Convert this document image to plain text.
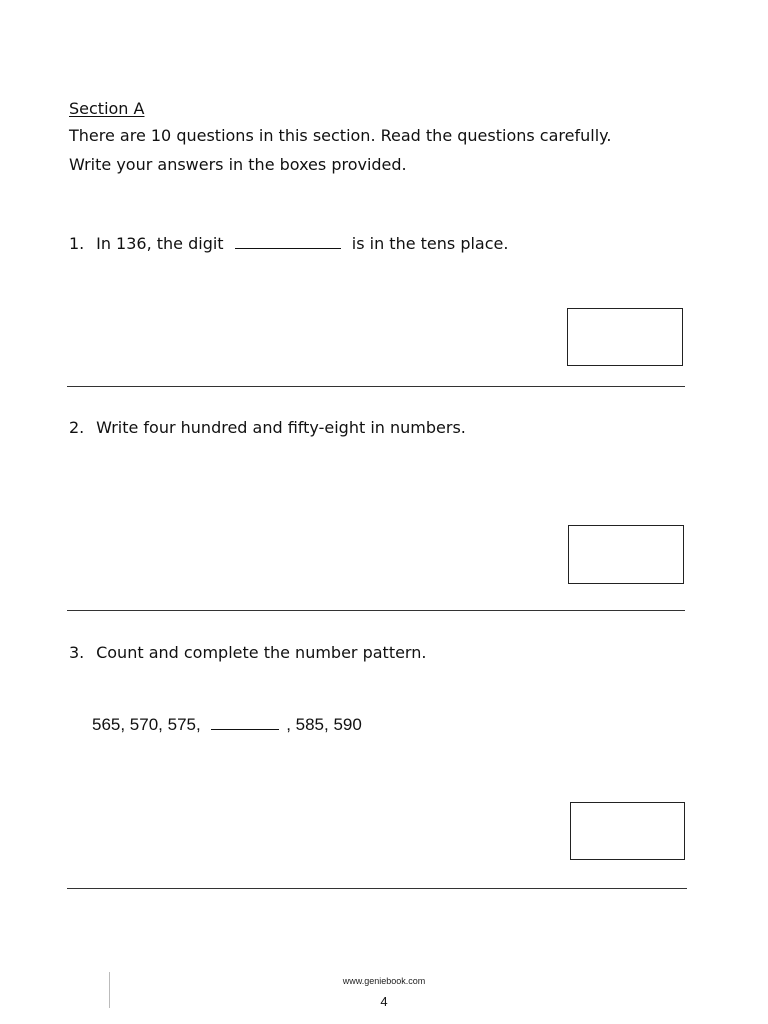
Section A
There are 10 questions in this section. Read the questions carefully.
Write your answers in the boxes provided.
1. In 136, the digit	is in the tens place.
2. Write four hundred and fifty-eight in numbers.
3. Count and complete the number pattern.
565, 570, 575,	, 585, 590
www.geniebook.com
4
